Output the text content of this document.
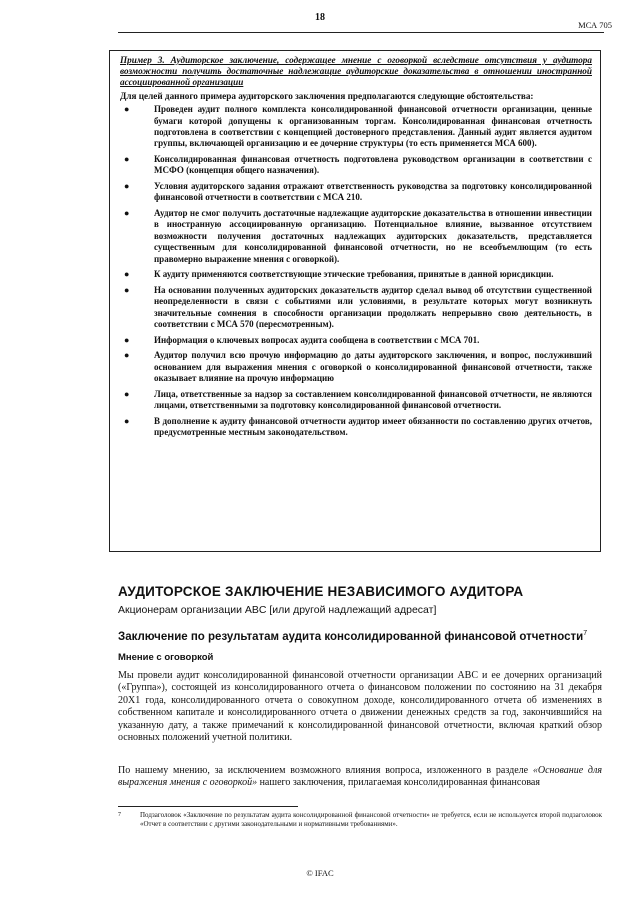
18
МСА 705

Пример 3. Аудиторское заключение, содержащее мнение с оговоркой вследствие отсутствия у аудитора возможности получить достаточные надлежащие аудиторские доказательства в отношении иностранной ассоциированной организации

Для целей данного примера аудиторского заключения предполагаются следующие обстоятельства:

●	Проведен аудит полного комплекта консолидированной финансовой отчетности организации, ценные бумаги которой допущены к организованным торгам. Консолидированная финансовая отчетность подготовлена в соответствии с концепцией достоверного представления. Данный аудит является аудитом группы, включающей организацию и ее дочерние структуры (то есть применяется МСА 600).
●	Консолидированная финансовая отчетность подготовлена руководством организации в соответствии с МСФО (концепция общего назначения).
●	Условия аудиторского задания отражают ответственность руководства за подготовку консолидированной финансовой отчетности в соответствии с МСА 210.
●	Аудитор не смог получить достаточные надлежащие аудиторские доказательства в отношении инвестиции в иностранную ассоциированную организацию. Потенциальное влияние, вызванное отсутствием возможности получения достаточных надлежащих аудиторских доказательств, представляется существенным для консолидированной финансовой отчетности, но не всеобъемлющим (то есть правомерно выражение мнения с оговоркой).
●	К аудиту применяются соответствующие этические требования, принятые в данной юрисдикции.
●	На основании полученных аудиторских доказательств аудитор сделал вывод об отсутствии существенной неопределенности в связи с событиями или условиями, в результате которых могут возникнуть значительные сомнения в способности организации продолжать непрерывно свою деятельность, в соответствии с МСА 570 (пересмотренным).
●	Информация о ключевых вопросах аудита сообщена в соответствии с МСА 701.
●	Аудитор получил всю прочую информацию до даты аудиторского заключения, и вопрос, послуживший основанием для выражения мнения с оговоркой о консолидированной финансовой отчетности, также оказывает влияние на прочую информацию
●	Лица, ответственные за надзор за составлением консолидированной финансовой отчетности, не являются лицами, ответственными за подготовку консолидированной финансовой отчетности.
●	В дополнение к аудиту финансовой отчетности аудитор имеет обязанности по составлению других отчетов, предусмотренные местным законодательством.
АУДИТОРСКОЕ ЗАКЛЮЧЕНИЕ НЕЗАВИСИМОГО АУДИТОРА

Акционерам организации ABC [или другой надлежащий адресат]

Заключение по результатам аудита консолидированной финансовой отчетности$^7$
Мнение с оговоркой

Мы провели аудит консолидированной финансовой отчетности организации ABC и ее дочерних организаций («Группа»), состоящей из консолидированного отчета о финансовом положении по состоянию на 31 декабря 20X1 года, консолидированного отчета о совокупном доходе, консолидированного отчета об изменениях в собственном капитале и консолидированного отчета о движении денежных средств за год, закончившийся на указанную дату, а также примечаний к консолидированной финансовой отчетности, включая краткий обзор основных положений учетной политики.

По нашему мнению, за исключением возможного влияния вопроса, изложенного в разделе «Основание для выражения мнения с оговоркой» нашего заключения, прилагаемая консолидированная финансовая

7	Подзаголовок «Заключение по результатам аудита консолидированной финансовой отчетности» не требуется, если не используется второй подзаголовок «Отчет в соответствии с другими законодательными и нормативными требованиями».
© IFAC
